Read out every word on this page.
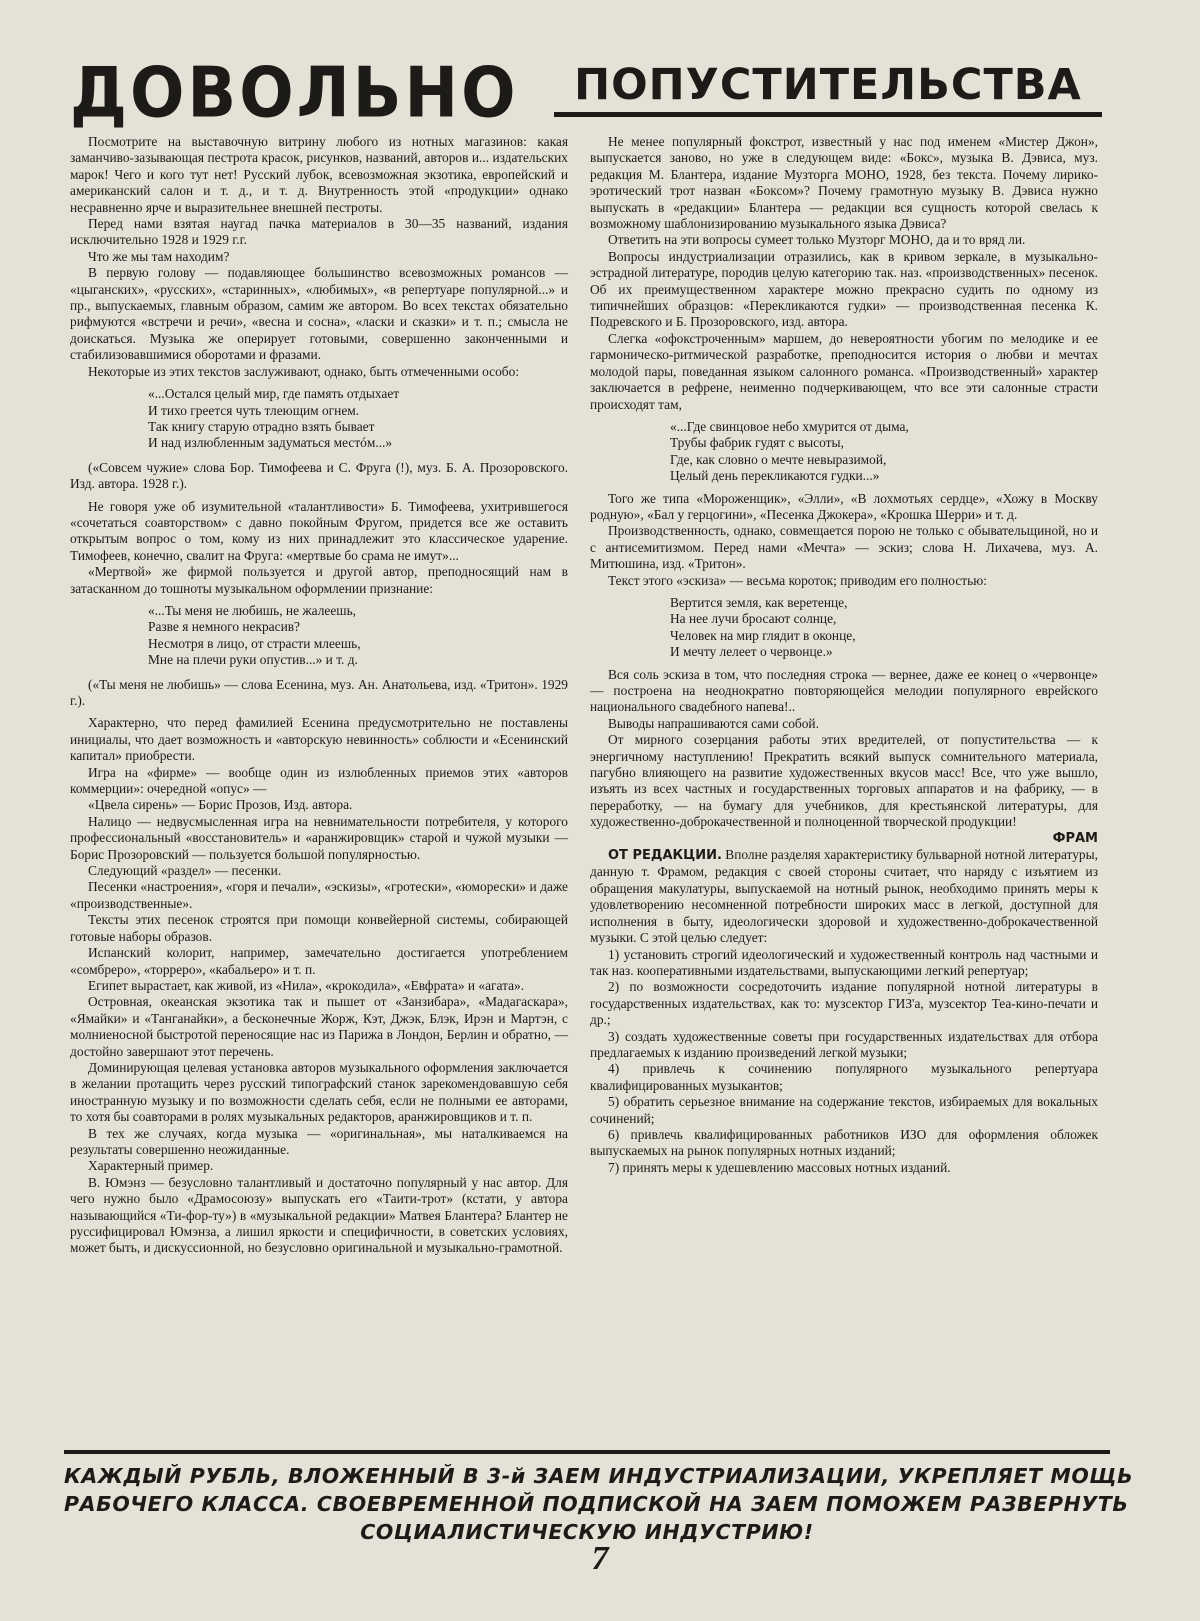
ДОВОЛЬНО	ПОПУСТИТЕЛЬСТВА

Посмотрите на выставочную витрину любого из нотных магазинов: какая заманчиво-зазывающая пестрота красок, рисунков, названий, авторов и... издательских марок! Чего и кого тут нет! Русский лубок, всевозможная экзотика, европейский и американский салон и т. д., и т. д. Внутренность этой «продукции» однако несравненно ярче и выразительнее внешней пестроты.

Перед нами взятая наугад пачка материалов в 30—35 названий, издания исключительно 1928 и 1929 г.г.

Что же мы там находим?

В первую голову — подавляющее большинство всевозможных романсов — «цыганских», «русских», «старинных», «любимых», «в репертуаре популярной...» и пр., выпускаемых, главным образом, самим же автором. Во всех текстах обязательно рифмуются «встречи и речи», «весна и сосна», «ласки и сказки» и т. п.; смысла не доискаться. Музыка же оперирует готовыми, совершенно законченными и стабилизовавшимися оборотами и фразами.

Некоторые из этих текстов заслуживают, однако, быть отмеченными особо:

«...Остался целый мир, где память отдыхает
И тихо греется чуть тлеющим огнем.
Так книгу старую отрадно взять бывает
И над излюбленным задуматься местóм...»

(«Совсем чужие» слова Бор. Тимофеева и С. Фруга (!), муз. Б. А. Прозоровского. Изд. автора. 1928 г.).

Не говоря уже об изумительной «талантливости» Б. Тимофеева, ухитрившегося «сочетаться соавторством» с давно покойным Фругом, придется все же оставить открытым вопрос о том, кому из них принадлежит это классическое ударение. Тимофеев, конечно, свалит на Фруга: «мертвые бо срама не имут»...

«Мертвой» же фирмой пользуется и другой автор, преподносящий нам в затасканном до тошноты музыкальном оформлении признание:

«...Ты меня не любишь, не жалеешь,
Разве я немного некрасив?
Несмотря в лицо, от страсти млеешь,
Мне на плечи руки опустив...» и т. д.

(«Ты меня не любишь» — слова Есенина, муз. Ан. Анатольева, изд. «Тритон». 1929 г.).

Характерно, что перед фамилией Есенина предусмотрительно не поставлены инициалы, что дает возможность и «авторскую невинность» соблюсти и «Есенинский капитал» приобрести.

Игра на «фирме» — вообще один из излюбленных приемов этих «авторов коммерции»: очередной «опус» —

«Цвела сирень» — Борис Прозов, Изд. автора.

Налицо — недвусмысленная игра на невнимательности потребителя, у которого профессиональный «восстановитель» и «аранжировщик» старой и чужой музыки — Борис Прозоровский — пользуется большой популярностью.

Следующий «раздел» — песенки.

Песенки «настроения», «горя и печали», «эскизы», «гротески», «юморески» и даже «производственные».

Тексты этих песенок строятся при помощи конвейерной системы, собирающей готовые наборы образов.

Испанский колорит, например, замечательно достигается употреблением «сомбреро», «торреро», «кабальеро» и т. п.

Египет вырастает, как живой, из «Нила», «крокодила», «Евфрата» и «агата».

Островная, океанская экзотика так и пышет от «Занзибара», «Мадагаскара», «Ямайки» и «Танганайки», а бесконечные Жорж, Кэт, Джэк, Блэк, Ирэн и Мартэн, с молниеносной быстротой переносящие нас из Парижа в Лондон, Берлин и обратно, — достойно завершают этот перечень.

Доминирующая целевая установка авторов музыкального оформления заключается в желании протащить через русский типографский станок зарекомендовавшую себя иностранную музыку и по возможности сделать себя, если не полными ее авторами, то хотя бы соавторами в ролях музыкальных редакторов, аранжировщиков и т. п.

В тех же случаях, когда музыка — «оригинальная», мы наталкиваемся на результаты совершенно неожиданные.

Характерный пример.

В. Юмэнз — безусловно талантливый и достаточно популярный у нас автор. Для чего нужно было «Драмосоюзу» выпускать его «Таити-трот» (кстати, у автора называющийся «Ти-фор-ту») в «музыкальной редакции» Матвея Блантера? Блантер не руссифицировал Юмэнза, а лишил яркости и специфичности, в советских условиях, может быть, и дискуссионной, но безусловно оригинальной и музыкально-грамотной.

Не менее популярный фокстрот, известный у нас под именем «Мистер Джон», выпускается заново, но уже в следующем виде: «Бокс», музыка В. Дэвиса, муз. редакция М. Блантера, издание Музторга МОНО, 1928, без текста. Почему лирико-эротический трот назван «Боксом»? Почему грамотную музыку В. Дэвиса нужно выпускать в «редакции» Блантера — редакции вся сущность которой свелась к возможному шаблонизированию музыкального языка Дэвиса?

Ответить на эти вопросы сумеет только Музторг МОНО, да и то вряд ли.

Вопросы индустриализации отразились, как в кривом зеркале, в музыкально-эстрадной литературе, породив целую категорию так. наз. «производственных» песенок. Об их преимущественном характере можно прекрасно судить по одному из типичнейших образцов: «Перекликаются гудки» — производственная песенка К. Подревского и Б. Прозоровского, изд. автора.

Слегка «офокстроченным» маршем, до невероятности убогим по мелодике и ее гармоническо-ритмической разработке, преподносится история о любви и мечтах молодой пары, поведанная языком салонного романса. «Производственный» характер заключается в рефрене, неименно подчеркивающем, что все эти салонные страсти происходят там,

«...Где свинцовое небо хмурится от дыма,
Трубы фабрик гудят с высоты,
Где, как словно о мечте невыразимой,
Целый день перекликаются гудки...»

Того же типа «Мороженщик», «Элли», «В лохмотьях сердце», «Хожу в Москву родную», «Бал у герцогини», «Песенка Джокера», «Крошка Шерри» и т. д.

Производственность, однако, совмещается порою не только с обывательщиной, но и с антисемитизмом. Перед нами «Мечта» — эскиз; слова Н. Лихачева, муз. А. Митюшина, изд. «Тритон».

Текст этого «эскиза» — весьма короток; приводим его полностью:

Вертится земля, как веретенце,
На нее лучи бросают солнце,
Человек на мир глядит в оконце,
И мечту лелеет о червонце.»

Вся соль эскиза в том, что последняя строка — вернее, даже ее конец о «червонце» — построена на неоднократно повторяющейся мелодии популярного еврейского национального свадебного напева!..

Выводы напрашиваются сами собой.

От мирного созерцания работы этих вредителей, от попустительства — к энергичному наступлению! Прекратить всякий выпуск сомнительного материала, пагубно влияющего на развитие художественных вкусов масс! Все, что уже вышло, изъять из всех частных и государственных торговых аппаратов и на фабрику, — в переработку, — на бумагу для учебников, для крестьянской литературы, для художественно-доброкачественной и полноценной творческой продукции!

ФРАМ

ОТ РЕДАКЦИИ. Вполне разделяя характеристику бульварной нотной литературы, данную т. Фрамом, редакция с своей стороны считает, что наряду с изъятием из обращения макулатуры, выпускаемой на нотный рынок, необходимо принять меры к удовлетворению несомненной потребности широких масс в легкой, доступной для исполнения в быту, идеологически здоровой и художественно-доброкачественной музыки. С этой целью следует:

1) установить строгий идеологический и художественный контроль над частными и так наз. кооперативными издательствами, выпускающими легкий репертуар;

2) по возможности сосредоточить издание популярной нотной литературы в государственных издательствах, как то: музсектор ГИЗ'а, музсектор Теа-кино-печати и др.;

3) создать художественные советы при государственных издательствах для отбора предлагаемых к изданию произведений легкой музыки;

4) привлечь к сочинению популярного музыкального репертуара квалифицированных музыкантов;

5) обратить серьезное внимание на содержание текстов, избираемых для вокальных сочинений;

6) привлечь квалифицированных работников ИЗО для оформления обложек выпускаемых на рынок популярных нотных изданий;

7) принять меры к удешевлению массовых нотных изданий.

КАЖДЫЙ РУБЛЬ, ВЛОЖЕННЫЙ В 3-й ЗАЕМ ИНДУСТРИАЛИЗАЦИИ, УКРЕПЛЯЕТ МОЩЬ
РАБОЧЕГО КЛАССА. СВОЕВРЕМЕННОЙ ПОДПИСКОЙ НА ЗАЕМ ПОМОЖЕМ РАЗВЕРНУТЬ
СОЦИАЛИСТИЧЕСКУЮ ИНДУСТРИЮ!
7
